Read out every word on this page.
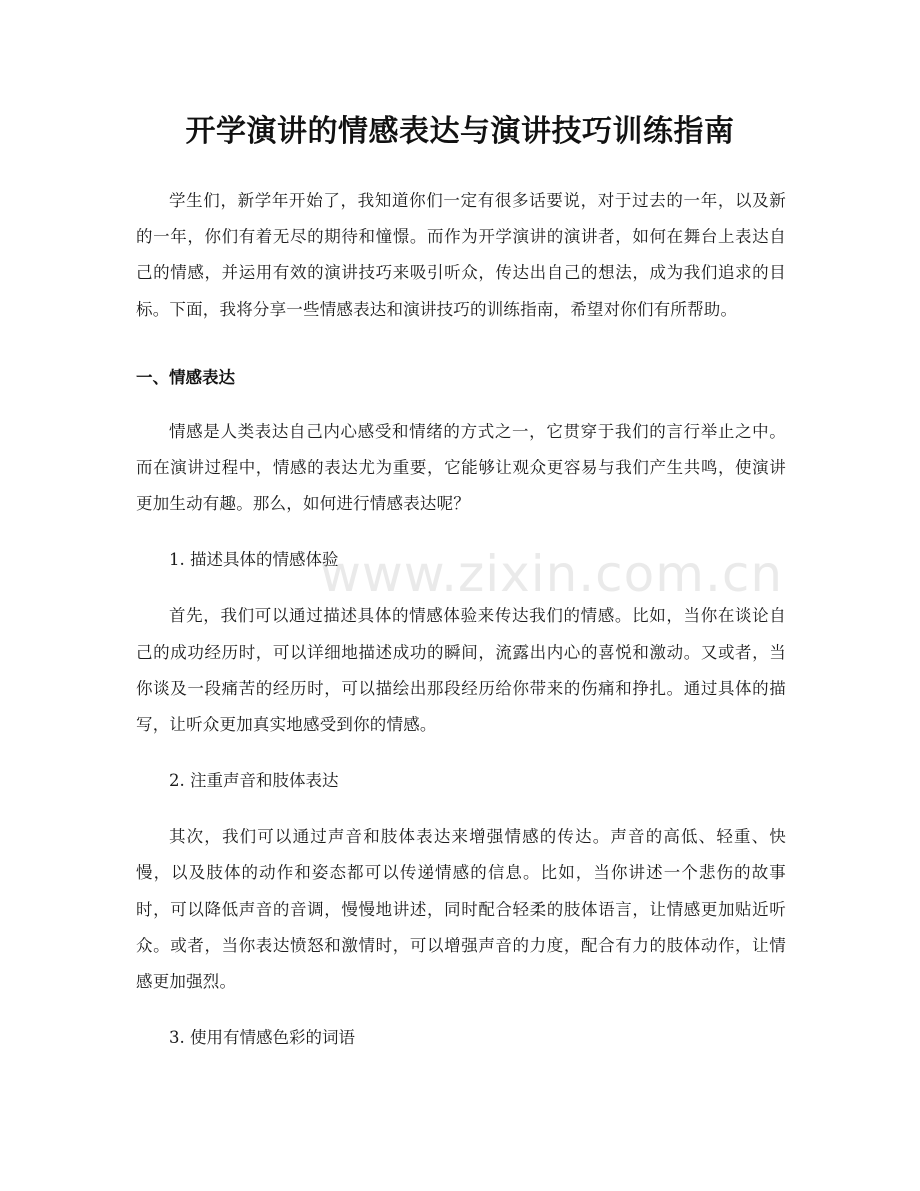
开学演讲的情感表达与演讲技巧训练指南

学生们，新学年开始了，我知道你们一定有很多话要说，对于过去的一年，以及新的一年，你们有着无尽的期待和憧憬。而作为开学演讲的演讲者，如何在舞台上表达自己的情感，并运用有效的演讲技巧来吸引听众，传达出自己的想法，成为我们追求的目标。下面，我将分享一些情感表达和演讲技巧的训练指南，希望对你们有所帮助。

一、情感表达

情感是人类表达自己内心感受和情绪的方式之一，它贯穿于我们的言行举止之中。而在演讲过程中，情感的表达尤为重要，它能够让观众更容易与我们产生共鸣，使演讲更加生动有趣。那么，如何进行情感表达呢？

1. 描述具体的情感体验

首先，我们可以通过描述具体的情感体验来传达我们的情感。比如，当你在谈论自己的成功经历时，可以详细地描述成功的瞬间，流露出内心的喜悦和激动。又或者，当你谈及一段痛苦的经历时，可以描绘出那段经历给你带来的伤痛和挣扎。通过具体的描写，让听众更加真实地感受到你的情感。

2. 注重声音和肢体表达

其次，我们可以通过声音和肢体表达来增强情感的传达。声音的高低、轻重、快慢，以及肢体的动作和姿态都可以传递情感的信息。比如，当你讲述一个悲伤的故事时，可以降低声音的音调，慢慢地讲述，同时配合轻柔的肢体语言，让情感更加贴近听众。或者，当你表达愤怒和激情时，可以增强声音的力度，配合有力的肢体动作，让情感更加强烈。

3. 使用有情感色彩的词语

www.zixin.com.cn
